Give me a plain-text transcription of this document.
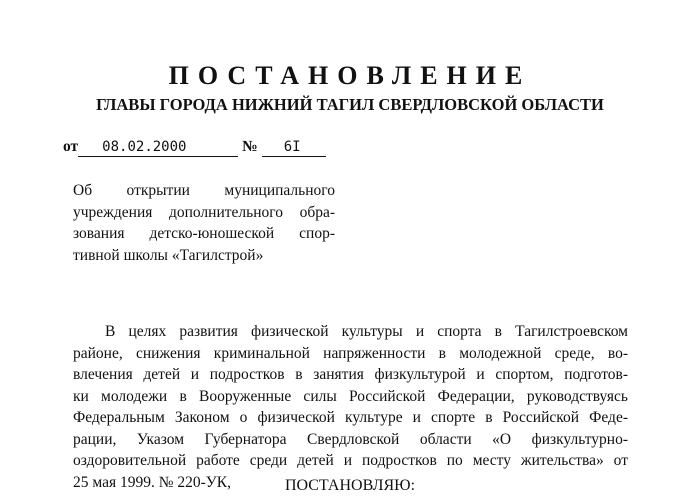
ПОСТАНОВЛЕНИЕ
ГЛАВЫ ГОРОДА НИЖНИЙ ТАГИЛ СВЕРДЛОВСКОЙ ОБЛАСТИ
от 08.02.2000	№ 6I
Об открытии муниципального
учреждения дополнительного обра-
зования детско-юношеской спор-
тивной школы «Тагилстрой»
В целях развития физической культуры и спорта в Тагилстроевском
районе, снижения криминальной напряженности в молодежной среде, во-
влечения детей и подростков в занятия физкультурой и спортом, подготов-
ки молодежи в Вооруженные силы Российской Федерации, руководствуясь
Федеральным Законом о физической культуре и спорте в Российской Феде-
рации, Указом Губернатора Свердловской области «О физкультурно-
оздоровительной работе среди детей и подростков по месту жительства» от
25 мая 1999. № 220-УК,	ПОСТАНОВЛЯЮ:
